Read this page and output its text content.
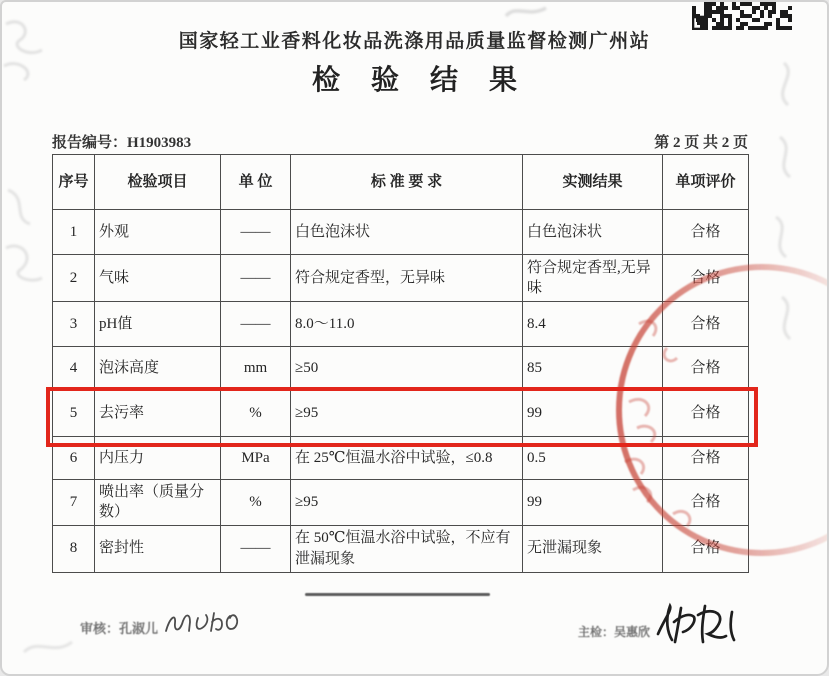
国家轻工业香料化妆品洗涤用品质量监督检测广州站
检 验 结 果
报告编号：H1903983	第 2 页 共 2 页
序号	检验项目	单 位	标 准 要 求	实测结果	单项评价
1	外观	——	白色泡沫状	白色泡沫状	合格
2	气味	——	符合规定香型，无异味	符合规定香型,无异味	合格
3	pH值	——	8.0～11.0	8.4	合格
4	泡沫高度	mm	≥50	85	合格
5	去污率	%	≥95	99	合格
6	内压力	MPa	在 25℃恒温水浴中试验，≤0.8	0.5	合格
7	喷出率（质量分数）	%	≥95	99	合格
8	密封性	——	在 50℃恒温水浴中试验，不应有泄漏现象	无泄漏现象	合格
审核：孔淑儿	主检：吴惠欣
